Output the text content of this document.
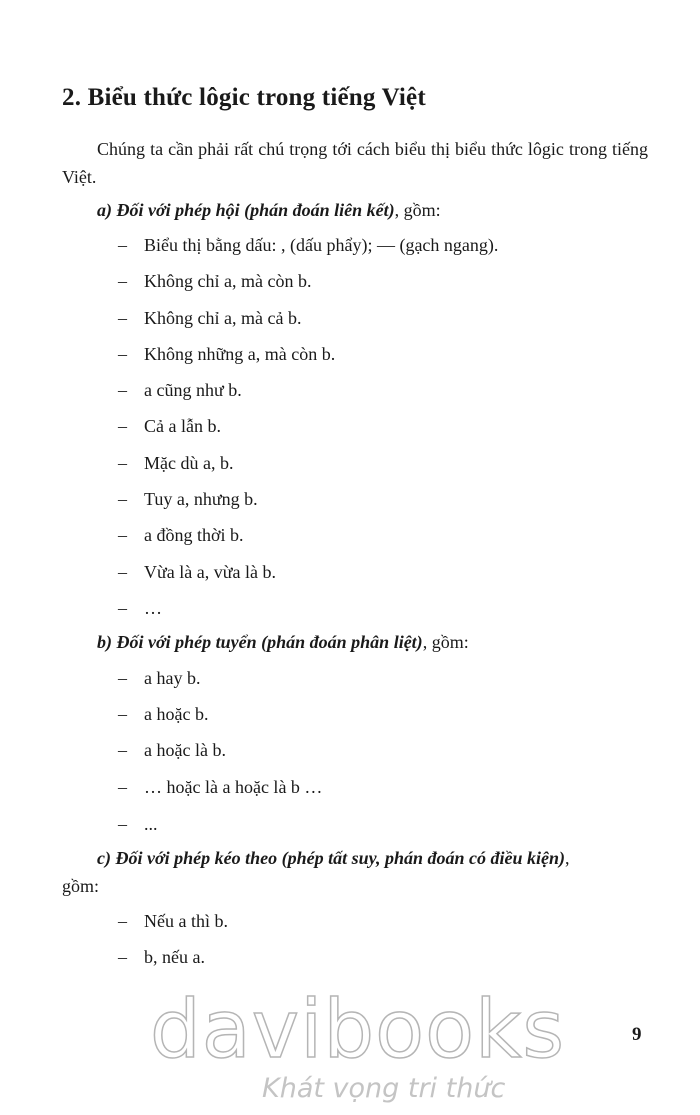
2. Biểu thức lôgic trong tiếng Việt

Chúng ta cần phải rất chú trọng tới cách biểu thị biểu thức lôgic trong tiếng Việt.

a) Đối với phép hội (phán đoán liên kết), gồm:

– Biểu thị bằng dấu: , (dấu phẩy); — (gạch ngang).
– Không chỉ a, mà còn b.
– Không chỉ a, mà cả b.
– Không những a, mà còn b.
– a cũng như b.
– Cả a lẫn b.
– Mặc dù a, b.
– Tuy a, nhưng b.
– a đồng thời b.
– Vừa là a, vừa là b.
– …

b) Đối với phép tuyển (phán đoán phân liệt), gồm:

– a hay b.
– a hoặc b.
– a hoặc là b.
– … hoặc là a hoặc là b …
– ...

c) Đối với phép kéo theo (phép tất suy, phán đoán có điều kiện),

gồm:

– Nếu a thì b.
– b, nếu a.
davibooks
Khát vọng tri thức

9
